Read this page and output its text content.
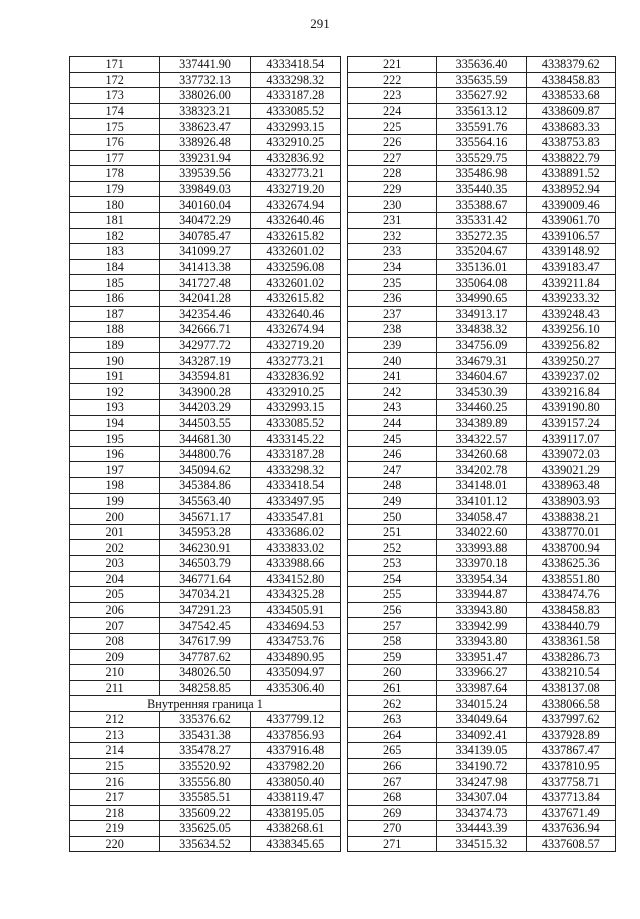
291
171	337441.90	4333418.54
172	337732.13	4333298.32
173	338026.00	4333187.28
174	338323.21	4333085.52
175	338623.47	4332993.15
176	338926.48	4332910.25
177	339231.94	4332836.92
178	339539.56	4332773.21
179	339849.03	4332719.20
180	340160.04	4332674.94
181	340472.29	4332640.46
182	340785.47	4332615.82
183	341099.27	4332601.02
184	341413.38	4332596.08
185	341727.48	4332601.02
186	342041.28	4332615.82
187	342354.46	4332640.46
188	342666.71	4332674.94
189	342977.72	4332719.20
190	343287.19	4332773.21
191	343594.81	4332836.92
192	343900.28	4332910.25
193	344203.29	4332993.15
194	344503.55	4333085.52
195	344681.30	4333145.22
196	344800.76	4333187.28
197	345094.62	4333298.32
198	345384.86	4333418.54
199	345563.40	4333497.95
200	345671.17	4333547.81
201	345953.28	4333686.02
202	346230.91	4333833.02
203	346503.79	4333988.66
204	346771.64	4334152.80
205	347034.21	4334325.28
206	347291.23	4334505.91
207	347542.45	4334694.53
208	347617.99	4334753.76
209	347787.62	4334890.95
210	348026.50	4335094.97
211	348258.85	4335306.40
Внутренняя граница 1		
212	335376.62	4337799.12
213	335431.38	4337856.93
214	335478.27	4337916.48
215	335520.92	4337982.20
216	335556.80	4338050.40
217	335585.51	4338119.47
218	335609.22	4338195.05
219	335625.05	4338268.61
220	335634.52	4338345.65
221	335636.40	4338379.62
222	335635.59	4338458.83
223	335627.92	4338533.68
224	335613.12	4338609.87
225	335591.76	4338683.33
226	335564.16	4338753.83
227	335529.75	4338822.79
228	335486.98	4338891.52
229	335440.35	4338952.94
230	335388.67	4339009.46
231	335331.42	4339061.70
232	335272.35	4339106.57
233	335204.67	4339148.92
234	335136.01	4339183.47
235	335064.08	4339211.84
236	334990.65	4339233.32
237	334913.17	4339248.43
238	334838.32	4339256.10
239	334756.09	4339256.82
240	334679.31	4339250.27
241	334604.67	4339237.02
242	334530.39	4339216.84
243	334460.25	4339190.80
244	334389.89	4339157.24
245	334322.57	4339117.07
246	334260.68	4339072.03
247	334202.78	4339021.29
248	334148.01	4338963.48
249	334101.12	4338903.93
250	334058.47	4338838.21
251	334022.60	4338770.01
252	333993.88	4338700.94
253	333970.18	4338625.36
254	333954.34	4338551.80
255	333944.87	4338474.76
256	333943.80	4338458.83
257	333942.99	4338440.79
258	333943.80	4338361.58
259	333951.47	4338286.73
260	333966.27	4338210.54
261	333987.64	4338137.08
262	334015.24	4338066.58
263	334049.64	4337997.62
264	334092.41	4337928.89
265	334139.05	4337867.47
266	334190.72	4337810.95
267	334247.98	4337758.71
268	334307.04	4337713.84
269	334374.73	4337671.49
270	334443.39	4337636.94
271	334515.32	4337608.57
